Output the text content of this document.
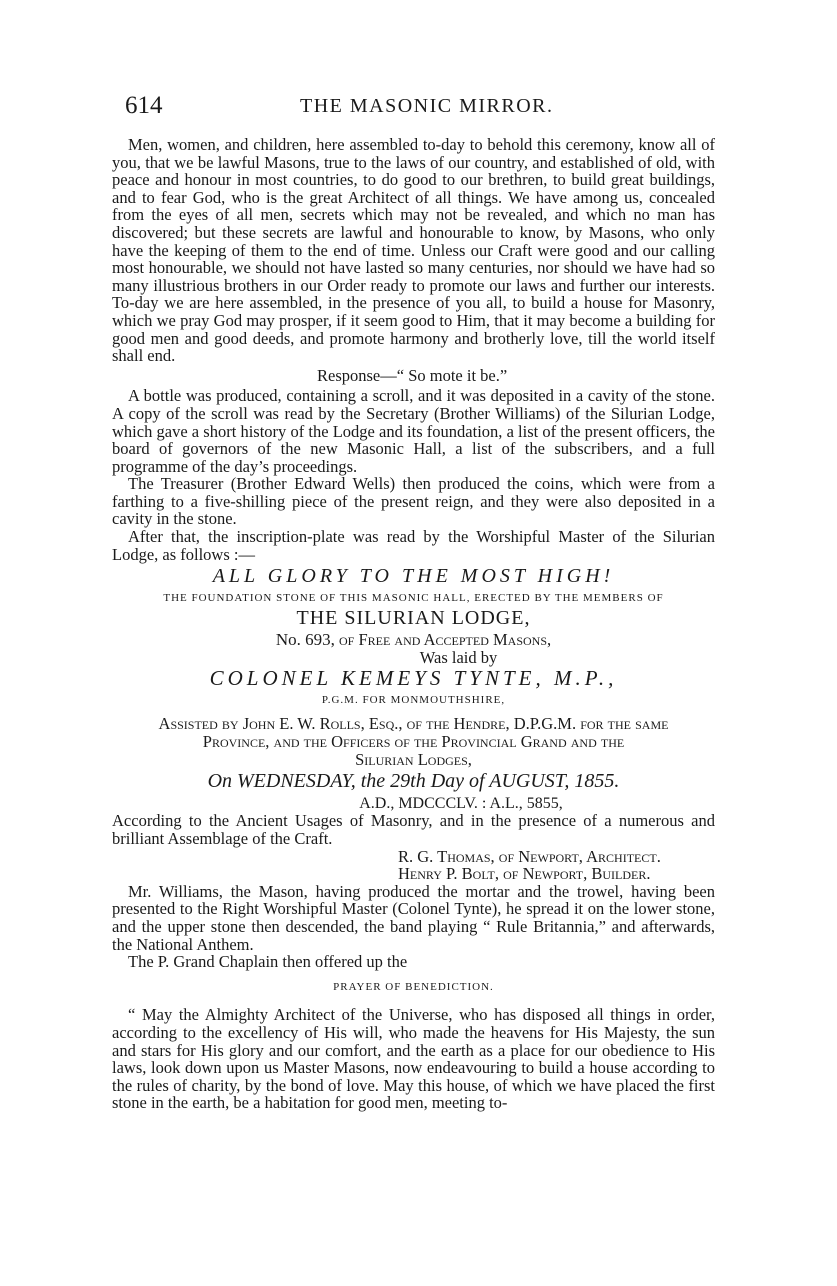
614	THE MASONIC MIRROR.

Men, women, and children, here assembled to-day to behold this ceremony, know all of you, that we be lawful Masons, true to the laws of our country, and established of old, with peace and honour in most countries, to do good to our brethren, to build great buildings, and to fear God, who is the great Architect of all things. We have among us, concealed from the eyes of all men, secrets which may not be revealed, and which no man has discovered; but these secrets are lawful and honourable to know, by Masons, who only have the keeping of them to the end of time. Unless our Craft were good and our calling most honourable, we should not have lasted so many centuries, nor should we have had so many illustrious brothers in our Order ready to promote our laws and further our interests. To-day we are here assembled, in the presence of you all, to build a house for Masonry, which we pray God may prosper, if it seem good to Him, that it may become a building for good men and good deeds, and promote harmony and brotherly love, till the world itself shall end.

Response—“ So mote it be.”

A bottle was produced, containing a scroll, and it was deposited in a cavity of the stone. A copy of the scroll was read by the Secretary (Brother Williams) of the Silurian Lodge, which gave a short history of the Lodge and its foundation, a list of the present officers, the board of governors of the new Masonic Hall, a list of the subscribers, and a full programme of the day’s proceedings.

The Treasurer (Brother Edward Wells) then produced the coins, which were from a farthing to a five-shilling piece of the present reign, and they were also deposited in a cavity in the stone.

After that, the inscription-plate was read by the Worshipful Master of the Silurian Lodge, as follows :—

ALL GLORY TO THE MOST HIGH!

THE FOUNDATION STONE OF THIS MASONIC HALL, ERECTED BY THE MEMBERS OF

THE SILURIAN LODGE,

No. 693, of Free and Accepted Masons,

Was laid by

COLONEL KEMEYS TYNTE, M.P.,

P.G.M. FOR MONMOUTHSHIRE,

Assisted by John E. W. Rolls, Esq., of the Hendre, D.P.G.M. for the same

Province, and the Officers of the Provincial Grand and the

Silurian Lodges,

On WEDNESDAY, the 29th Day of AUGUST, 1855.

A.D., MDCCCLV. : A.L., 5855,

According to the Ancient Usages of Masonry, and in the presence of a numerous and brilliant Assemblage of the Craft.

R. G. Thomas, of Newport, Architect.

Henry P. Bolt, of Newport, Builder.

Mr. Williams, the Mason, having produced the mortar and the trowel, having been presented to the Right Worshipful Master (Colonel Tynte), he spread it on the lower stone, and the upper stone then descended, the band playing “ Rule Britannia,” and afterwards, the National Anthem.

The P. Grand Chaplain then offered up the

PRAYER OF BENEDICTION.

“ May the Almighty Architect of the Universe, who has disposed all things in order, according to the excellency of His will, who made the heavens for His Majesty, the sun and stars for His glory and our comfort, and the earth as a place for our obedience to His laws, look down upon us Master Masons, now endeavouring to build a house according to the rules of charity, by the bond of love. May this house, of which we have placed the first stone in the earth, be a habitation for good men, meeting to-
